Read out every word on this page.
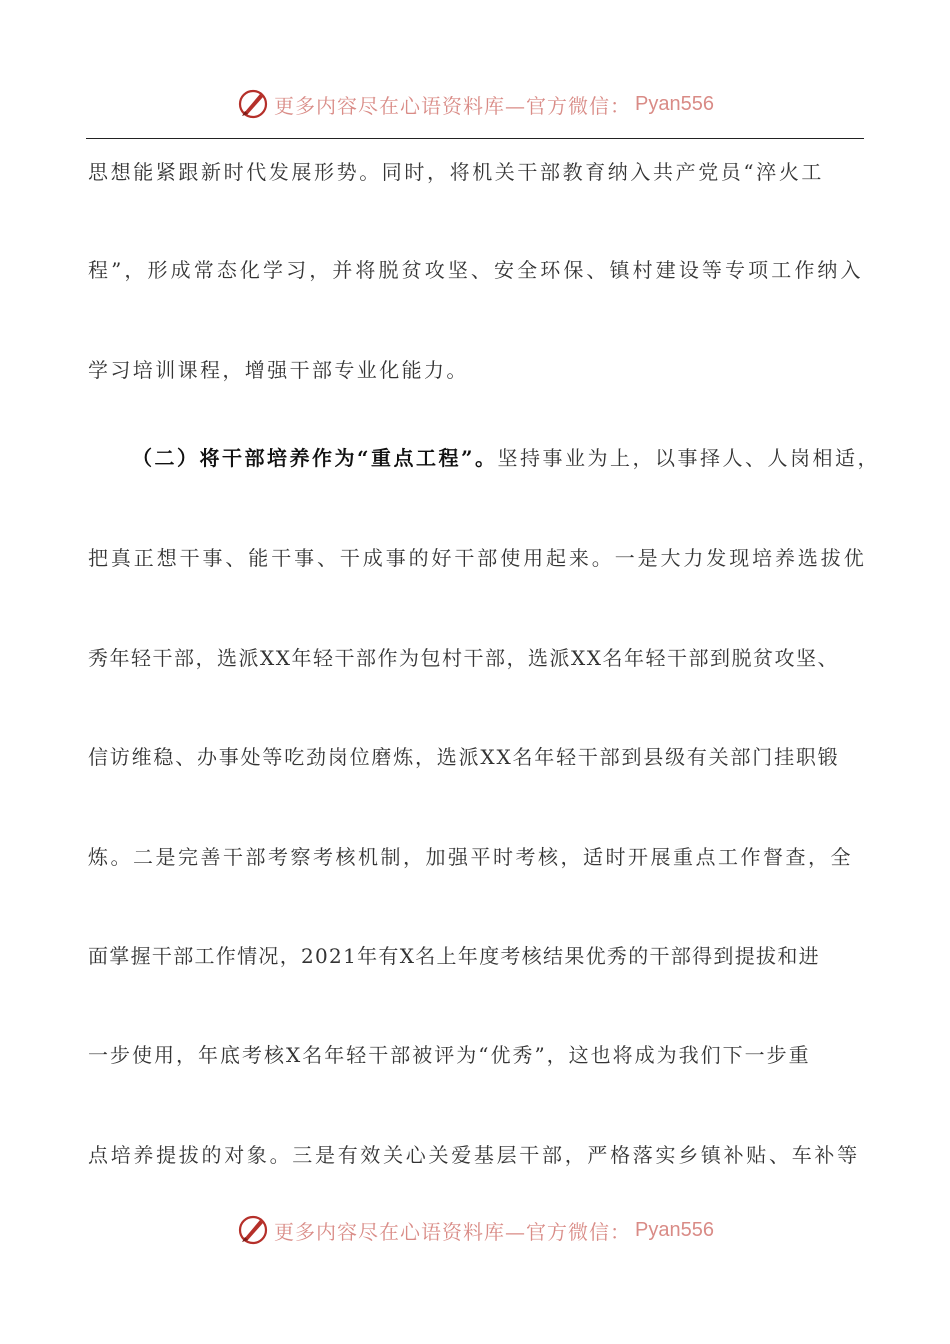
更多内容尽在心语资料库—官方微信： Pyan556
思想能紧跟新时代发展形势。同时，将机关干部教育纳入共产党员“淬火工
程”，形成常态化学习，并将脱贫攻坚、安全环保、镇村建设等专项工作纳入
学习培训课程，增强干部专业化能力。
（二）将干部培养作为“重点工程”。坚持事业为上，以事择人、人岗相适，
把真正想干事、能干事、干成事的好干部使用起来。一是大力发现培养选拔优
秀年轻干部，选派XX年轻干部作为包村干部，选派XX名年轻干部到脱贫攻坚、
信访维稳、办事处等吃劲岗位磨炼，选派XX名年轻干部到县级有关部门挂职锻
炼。二是完善干部考察考核机制，加强平时考核，适时开展重点工作督查，全
面掌握干部工作情况，2021年有X名上年度考核结果优秀的干部得到提拔和进
一步使用，年底考核X名年轻干部被评为“优秀”，这也将成为我们下一步重
点培养提拔的对象。三是有效关心关爱基层干部，严格落实乡镇补贴、车补等
更多内容尽在心语资料库—官方微信： Pyan556
